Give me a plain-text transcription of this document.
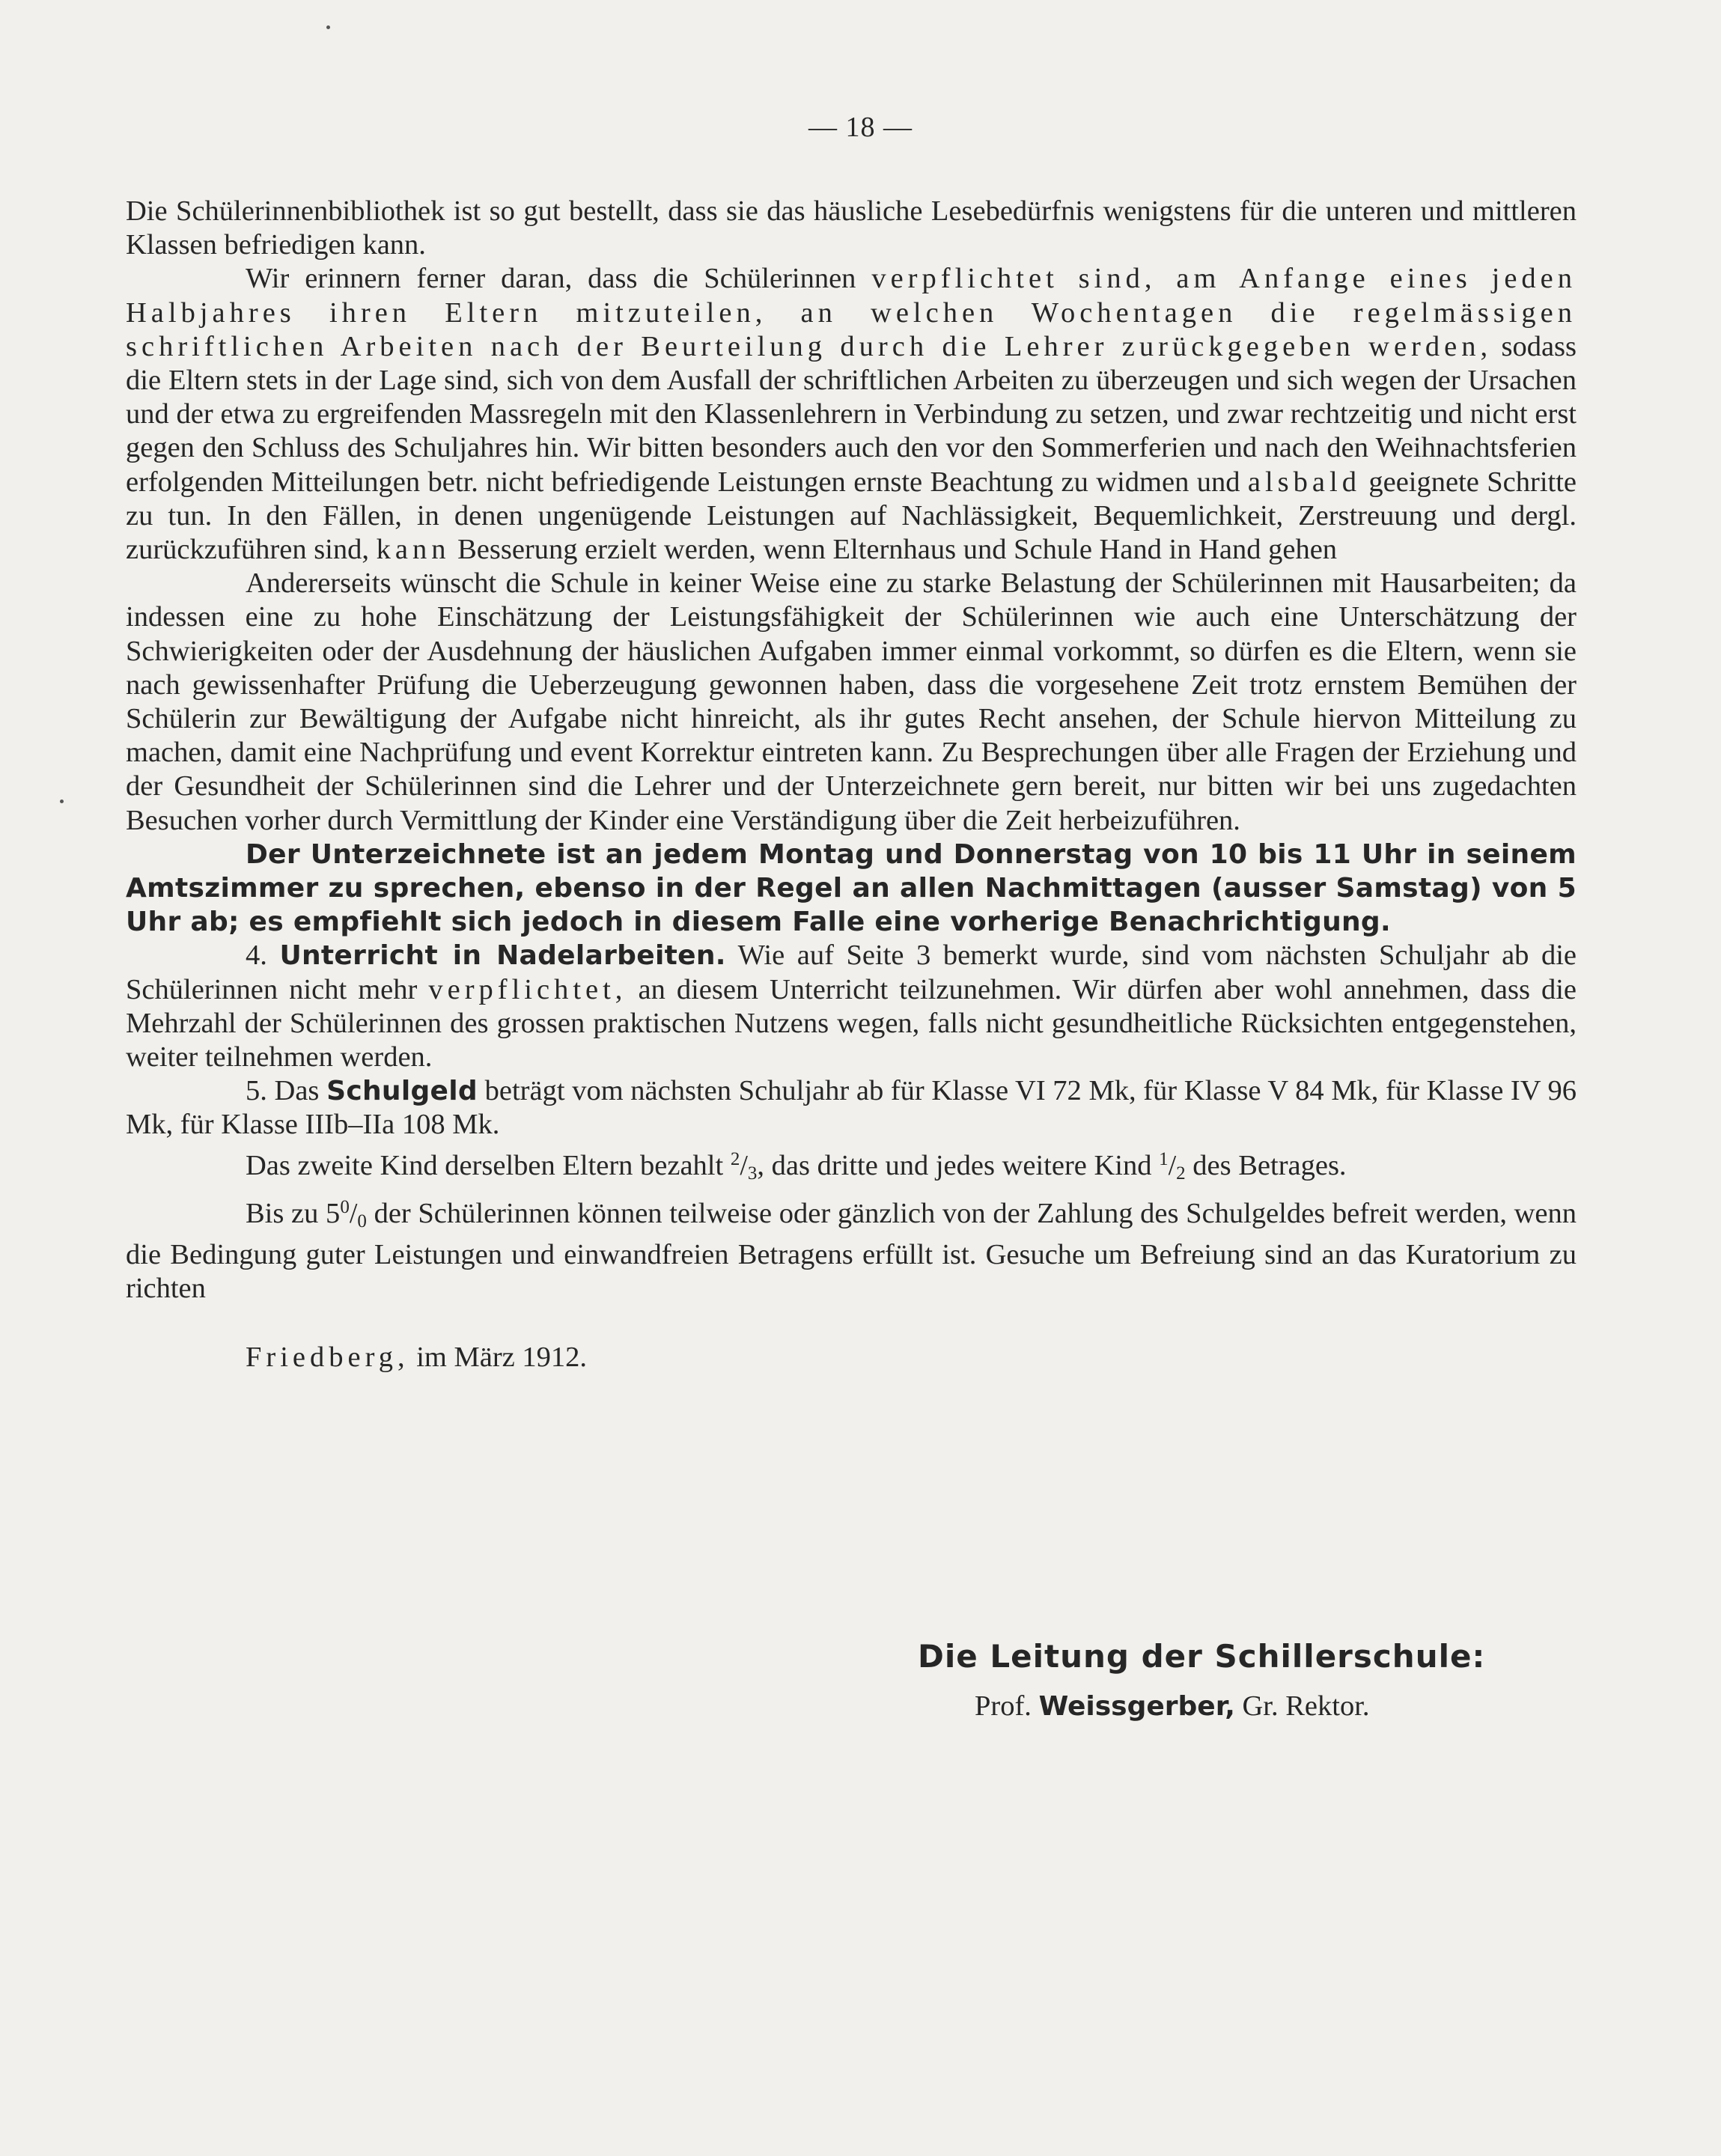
— 18 —

Die Schülerinnenbibliothek ist so gut bestellt, dass sie das häusliche Lesebedürfnis wenigstens für die unteren und mittleren Klassen befriedigen kann.

Wir erinnern ferner daran, dass die Schülerinnen verpflichtet sind, am Anfange eines jeden Halbjahres ihren Eltern mitzuteilen, an welchen Wochentagen die regelmässigen schriftlichen Arbeiten nach der Beurteilung durch die Lehrer zurückgegeben werden, sodass die Eltern stets in der Lage sind, sich von dem Ausfall der schriftlichen Arbeiten zu überzeugen und sich wegen der Ursachen und der etwa zu ergreifenden Massregeln mit den Klassenlehrern in Verbindung zu setzen, und zwar rechtzeitig und nicht erst gegen den Schluss des Schuljahres hin. Wir bitten besonders auch den vor den Sommerferien und nach den Weihnachtsferien erfolgenden Mitteilungen betr. nicht befriedigende Leistungen ernste Beachtung zu widmen und alsbald geeignete Schritte zu tun. In den Fällen, in denen ungenügende Leistungen auf Nachlässigkeit, Bequemlichkeit, Zerstreuung und dergl. zurückzuführen sind, kann Besserung erzielt werden, wenn Elternhaus und Schule Hand in Hand gehen

Andererseits wünscht die Schule in keiner Weise eine zu starke Belastung der Schülerinnen mit Hausarbeiten; da indessen eine zu hohe Einschätzung der Leistungsfähigkeit der Schülerinnen wie auch eine Unterschätzung der Schwierigkeiten oder der Ausdehnung der häuslichen Aufgaben immer einmal vorkommt, so dürfen es die Eltern, wenn sie nach gewissenhafter Prüfung die Ueberzeugung gewonnen haben, dass die vorgesehene Zeit trotz ernstem Bemühen der Schülerin zur Bewältigung der Aufgabe nicht hinreicht, als ihr gutes Recht ansehen, der Schule hiervon Mitteilung zu machen, damit eine Nachprüfung und event Korrektur eintreten kann. Zu Besprechungen über alle Fragen der Erziehung und der Gesundheit der Schülerinnen sind die Lehrer und der Unterzeichnete gern bereit, nur bitten wir bei uns zugedachten Besuchen vorher durch Vermittlung der Kinder eine Verständigung über die Zeit herbeizuführen.

Der Unterzeichnete ist an jedem Montag und Donnerstag von 10 bis 11 Uhr in seinem Amtszimmer zu sprechen, ebenso in der Regel an allen Nachmittagen (ausser Samstag) von 5 Uhr ab; es empfiehlt sich jedoch in diesem Falle eine vorherige Benachrichtigung.

4. Unterricht in Nadelarbeiten. Wie auf Seite 3 bemerkt wurde, sind vom nächsten Schuljahr ab die Schülerinnen nicht mehr verpflichtet, an diesem Unterricht teilzunehmen. Wir dürfen aber wohl annehmen, dass die Mehrzahl der Schülerinnen des grossen praktischen Nutzens wegen, falls nicht gesundheitliche Rücksichten entgegenstehen, weiter teilnehmen werden.

5. Das Schulgeld beträgt vom nächsten Schuljahr ab für Klasse VI 72 Mk, für Klasse V 84 Mk, für Klasse IV 96 Mk, für Klasse IIIb–IIa 108 Mk.

Das zweite Kind derselben Eltern bezahlt $^2/_3$, das dritte und jedes weitere Kind $^1/_2$ des Betrages.

Bis zu $5^0/_0$ der Schülerinnen können teilweise oder gänzlich von der Zahlung des Schulgeldes befreit werden, wenn die Bedingung guter Leistungen und einwandfreien Betragens erfüllt ist. Gesuche um Befreiung sind an das Kuratorium zu richten

Friedberg, im März 1912.

Die Leitung der Schillerschule:
Prof. Weissgerber, Gr. Rektor.
